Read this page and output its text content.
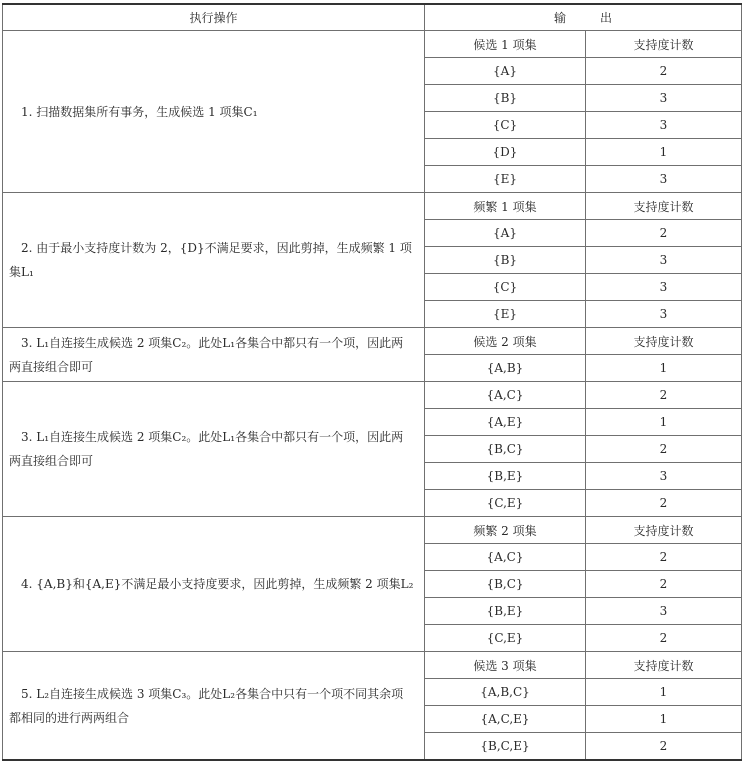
执行操作	输 出	
1. 扫描数据集所有事务，生成候选 1 项集C₁	候选 1 项集	支持度计数
	{A}	2
	{B}	3
	{C}	3
	{D}	1
	{E}	3
2. 由于最小支持度计数为 2，{D}不满足要求，因此剪掉，生成频繁 1 项集L₁	频繁 1 项集	支持度计数
	{A}	2
	{B}	3
	{C}	3
	{E}	3
3. L₁自连接生成候选 2 项集C₂。此处L₁各集合中都只有一个项，因此两两直接组合即可	候选 2 项集	支持度计数
	{A,B}	1
3. L₁自连接生成候选 2 项集C₂。此处L₁各集合中都只有一个项，因此两两直接组合即可	{A,C}	2
	{A,E}	1
	{B,C}	2
	{B,E}	3
	{C,E}	2
4. {A,B}和{A,E}不满足最小支持度要求，因此剪掉，生成频繁 2 项集L₂	频繁 2 项集	支持度计数
	{A,C}	2
	{B,C}	2
	{B,E}	3
	{C,E}	2
5. L₂自连接生成候选 3 项集C₃。此处L₂各集合中只有一个项不同其余项都相同的进行两两组合	候选 3 项集	支持度计数
	{A,B,C}	1
	{A,C,E}	1
	{B,C,E}	2
